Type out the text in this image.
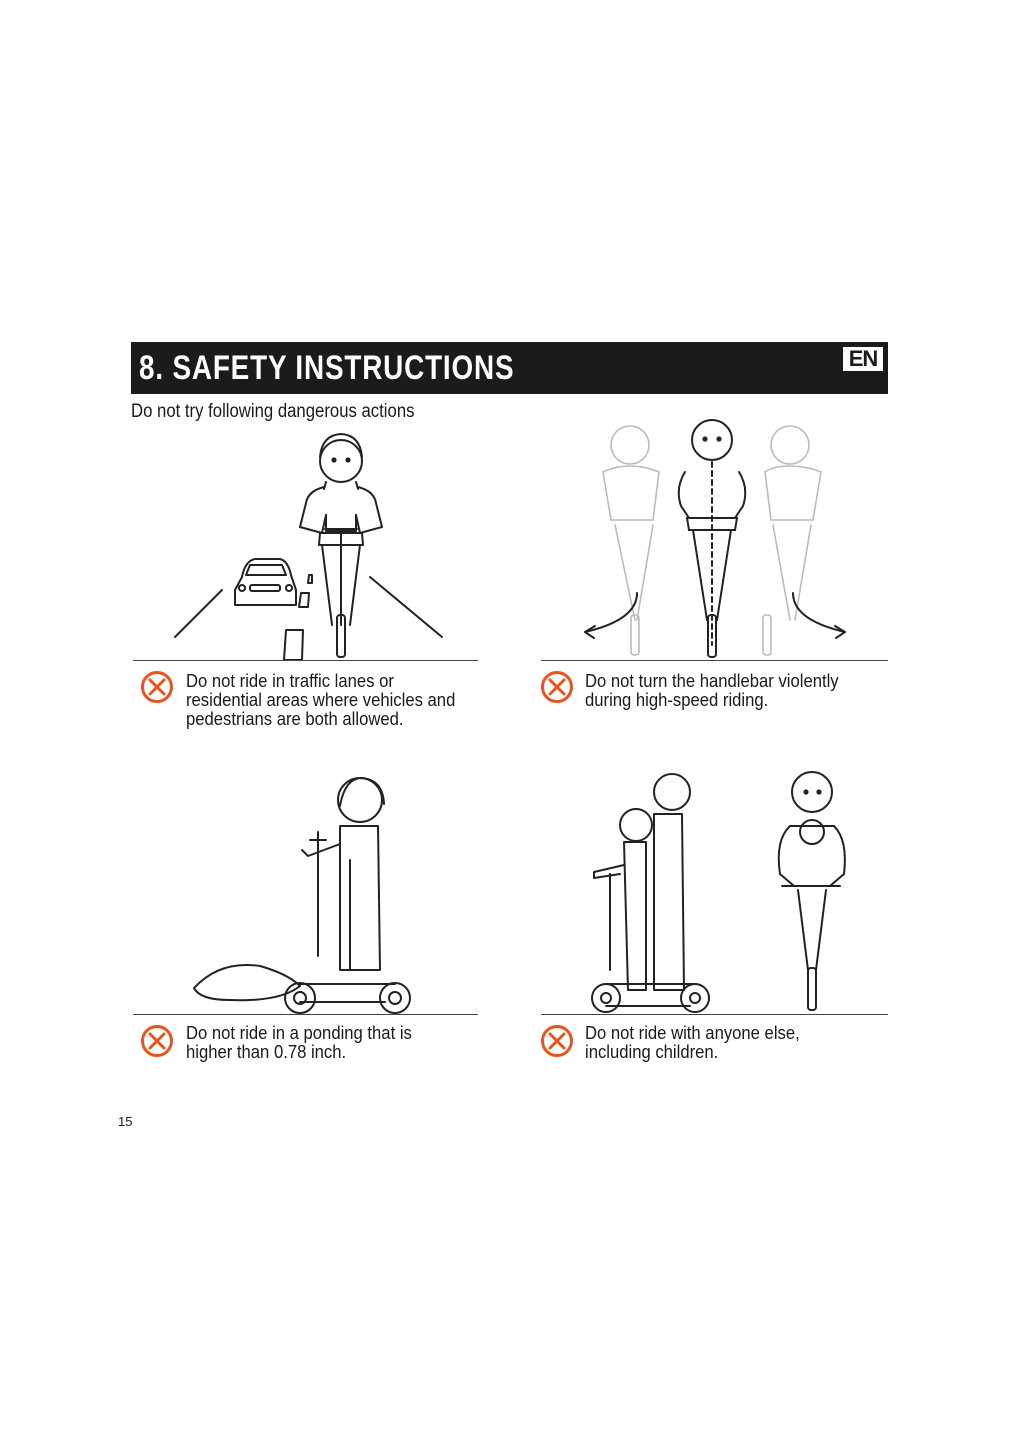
8. SAFETY INSTRUCTIONS	EN
Do not try following dangerous actions
Do not ride in traffic lanes or
residential areas where vehicles and
pedestrians are both allowed.
Do not turn the handlebar violently
during high-speed riding.
Do not ride in a ponding that is
higher than 0.78 inch.
Do not ride with anyone else,
including children.
15
